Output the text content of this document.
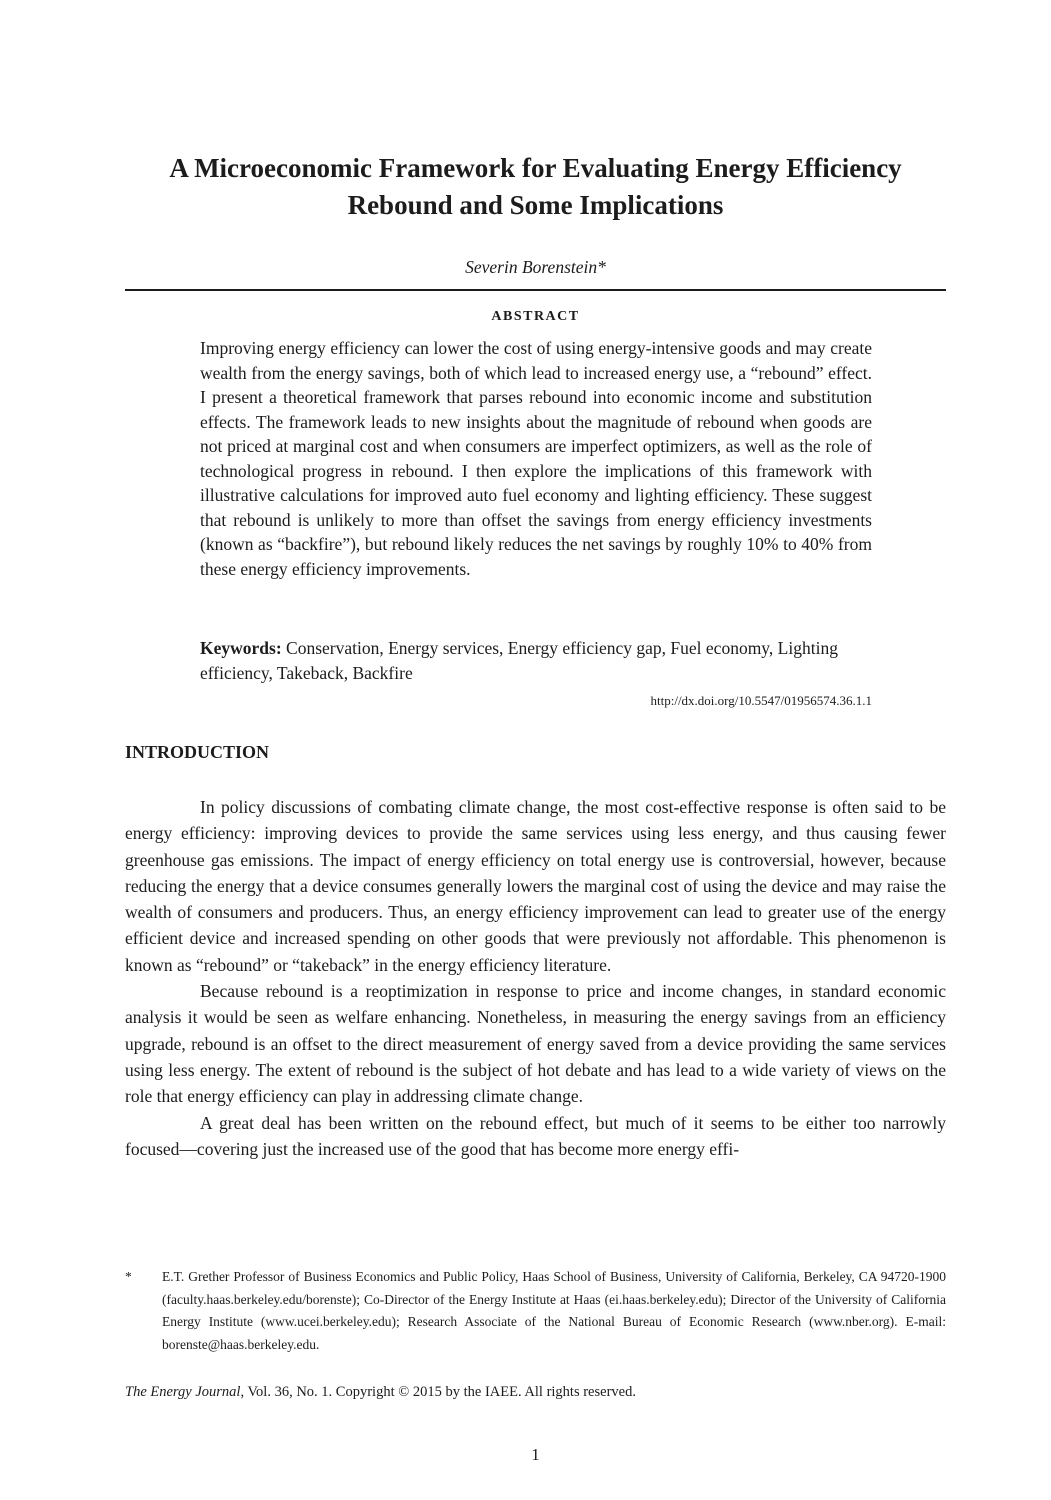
A Microeconomic Framework for Evaluating Energy Efficiency
Rebound and Some Implications
Severin Borenstein*
ABSTRACT

Improving energy efficiency can lower the cost of using energy-intensive goods and may create wealth from the energy savings, both of which lead to increased energy use, a “rebound” effect. I present a theoretical framework that parses rebound into economic income and substitution effects. The framework leads to new insights about the magnitude of rebound when goods are not priced at marginal cost and when consumers are imperfect optimizers, as well as the role of technological progress in rebound. I then explore the implications of this framework with illustrative calculations for improved auto fuel economy and lighting efficiency. These suggest that rebound is unlikely to more than offset the savings from energy efficiency investments (known as “backfire”), but rebound likely reduces the net savings by roughly 10% to 40% from these energy efficiency improvements.

Keywords: Conservation, Energy services, Energy efficiency gap, Fuel economy, Lighting efficiency, Takeback, Backfire

http://dx.doi.org/10.5547/01956574.36.1.1
INTRODUCTION

In policy discussions of combating climate change, the most cost-effective response is often said to be energy efficiency: improving devices to provide the same services using less energy, and thus causing fewer greenhouse gas emissions. The impact of energy efficiency on total energy use is controversial, however, because reducing the energy that a device consumes generally lowers the marginal cost of using the device and may raise the wealth of consumers and producers. Thus, an energy efficiency improvement can lead to greater use of the energy efficient device and increased spending on other goods that were previously not affordable. This phenomenon is known as “rebound” or “takeback” in the energy efficiency literature.

Because rebound is a reoptimization in response to price and income changes, in standard economic analysis it would be seen as welfare enhancing. Nonetheless, in measuring the energy savings from an efficiency upgrade, rebound is an offset to the direct measurement of energy saved from a device providing the same services using less energy. The extent of rebound is the subject of hot debate and has lead to a wide variety of views on the role that energy efficiency can play in addressing climate change.

A great deal has been written on the rebound effect, but much of it seems to be either too narrowly focused—covering just the increased use of the good that has become more energy effi-

* E.T. Grether Professor of Business Economics and Public Policy, Haas School of Business, University of California, Berkeley, CA 94720-1900 (faculty.haas.berkeley.edu/borenste); Co-Director of the Energy Institute at Haas (ei.haas.berkeley.edu); Director of the University of California Energy Institute (www.ucei.berkeley.edu); Research Associate of the National Bureau of Economic Research (www.nber.org). E-mail: borenste@haas.berkeley.edu.
The Energy Journal, Vol. 36, No. 1. Copyright © 2015 by the IAEE. All rights reserved.
1
